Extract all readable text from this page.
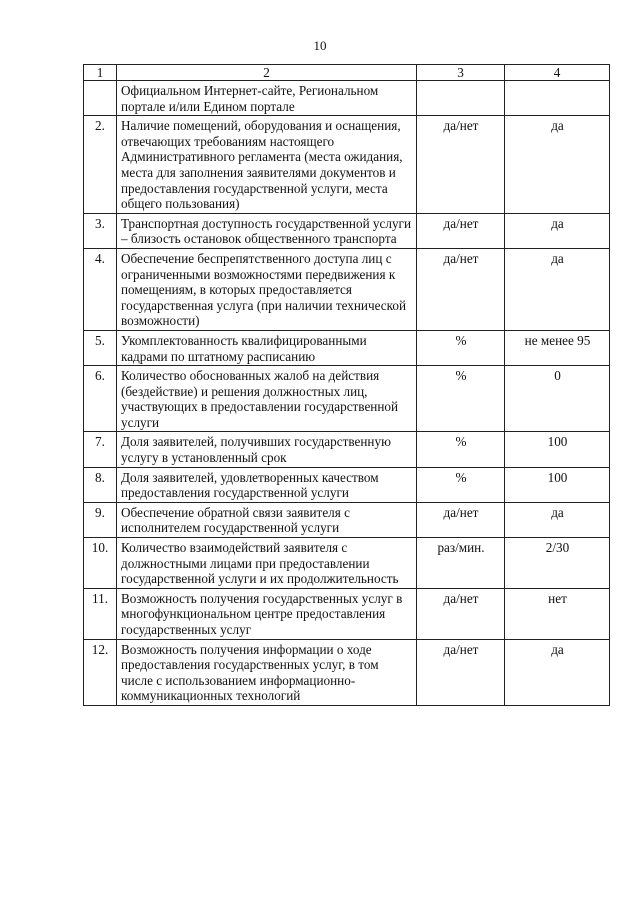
10
1	2	3	4
	Официальном Интернет-сайте, Региональном портале и/или Едином портале		
2.	Наличие помещений, оборудования и оснащения, отвечающих требованиям настоящего Административного регламента (места ожидания, места для заполнения заявителями документов и предоставления государственной услуги, места общего пользования)	да/нет	да
3.	Транспортная доступность государственной услуги – близость остановок общественного транспорта	да/нет	да
4.	Обеспечение беспрепятственного доступа лиц с ограниченными возможностями передвижения к помещениям, в которых предоставляется государственная услуга (при наличии технической возможности)	да/нет	да
5.	Укомплектованность квалифицированными кадрами по штатному расписанию	%	не менее 95
6.	Количество обоснованных жалоб на действия (бездействие) и решения должностных лиц, участвующих в предоставлении государственной услуги	%	0
7.	Доля заявителей, получивших государственную услугу в установленный срок	%	100
8.	Доля заявителей, удовлетворенных качеством предоставления государственной услуги	%	100
9.	Обеспечение обратной связи заявителя с исполнителем государственной услуги	да/нет	да
10.	Количество взаимодействий заявителя с должностными лицами при предоставлении государственной услуги и их продолжительность	раз/мин.	2/30
11.	Возможность получения государственных услуг в многофункциональном центре предоставления государственных услуг	да/нет	нет
12.	Возможность получения информации о ходе предоставления государственных услуг, в том числе с использованием информационно-коммуникационных технологий	да/нет	да
